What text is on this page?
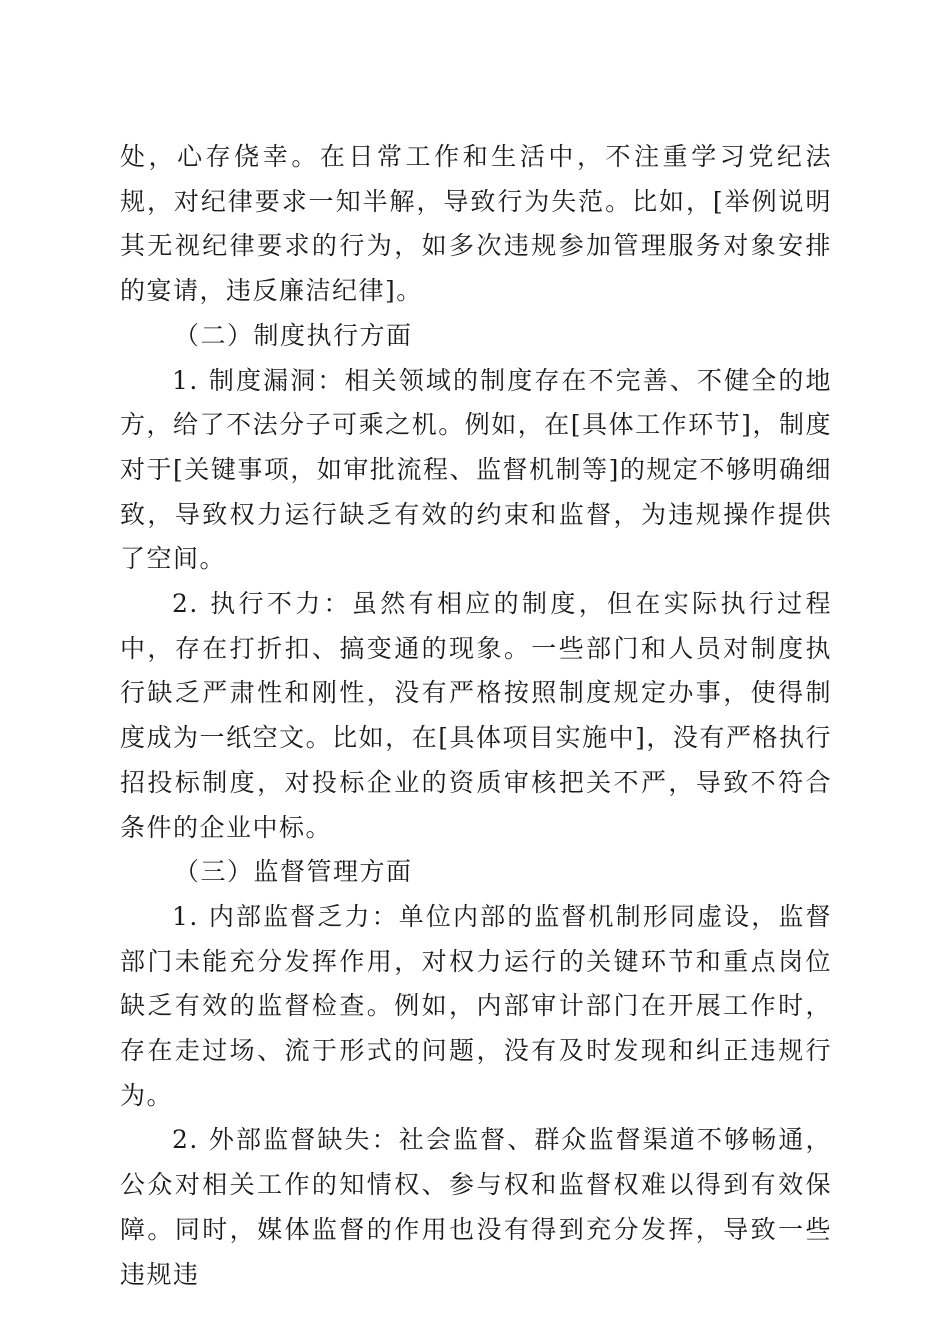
处，心存侥幸。在日常工作和生活中，不注重学习党纪法规，对纪律要求一知半解，导致行为失范。比如，[举例说明其无视纪律要求的行为，如多次违规参加管理服务对象安排的宴请，违反廉洁纪律]。

（二）制度执行方面

1. 制度漏洞：相关领域的制度存在不完善、不健全的地方，给了不法分子可乘之机。例如，在[具体工作环节]，制度对于[关键事项，如审批流程、监督机制等]的规定不够明确细致，导致权力运行缺乏有效的约束和监督，为违规操作提供了空间。

2. 执行不力：虽然有相应的制度，但在实际执行过程中，存在打折扣、搞变通的现象。一些部门和人员对制度执行缺乏严肃性和刚性，没有严格按照制度规定办事，使得制度成为一纸空文。比如，在[具体项目实施中]，没有严格执行招投标制度，对投标企业的资质审核把关不严，导致不符合条件的企业中标。

（三）监督管理方面

1. 内部监督乏力：单位内部的监督机制形同虚设，监督部门未能充分发挥作用，对权力运行的关键环节和重点岗位缺乏有效的监督检查。例如，内部审计部门在开展工作时，存在走过场、流于形式的问题，没有及时发现和纠正违规行为。

2. 外部监督缺失：社会监督、群众监督渠道不够畅通，公众对相关工作的知情权、参与权和监督权难以得到有效保障。同时，媒体监督的作用也没有得到充分发挥，导致一些违规违
